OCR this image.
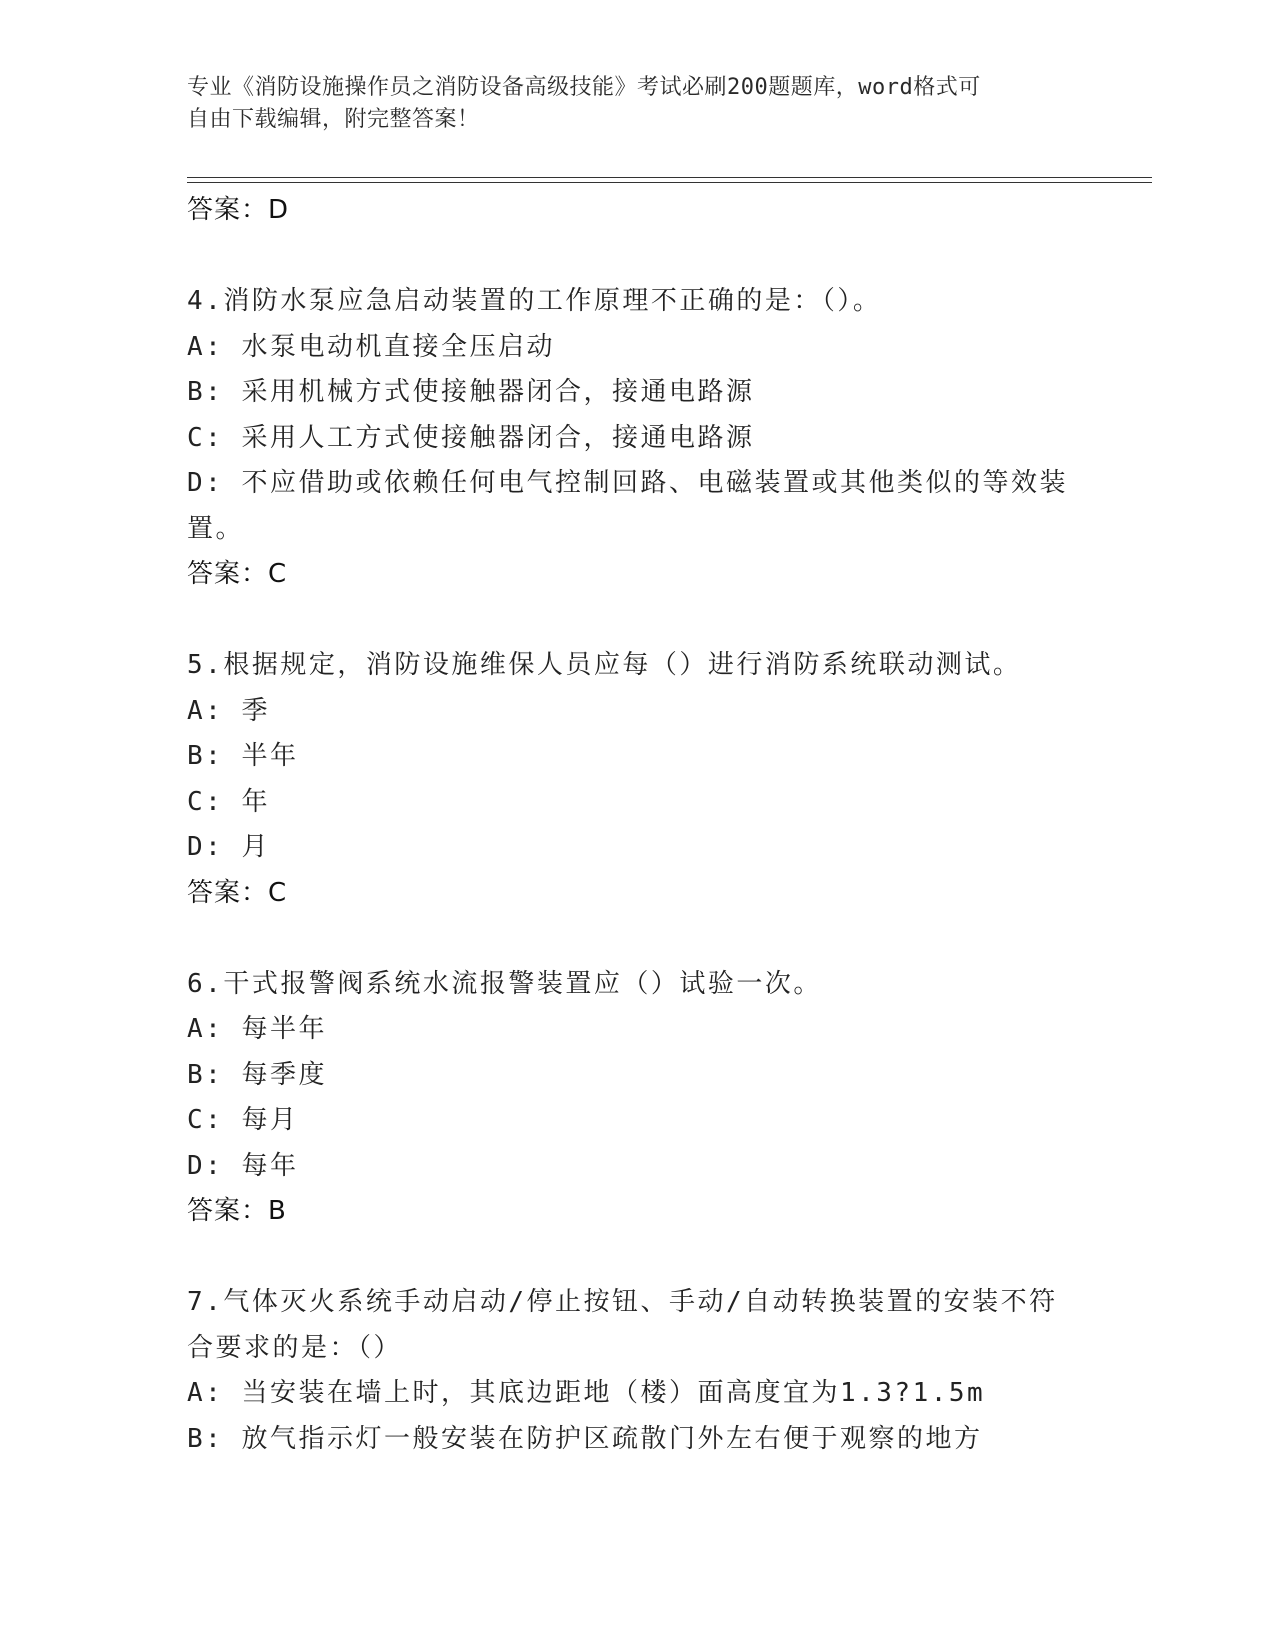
专业《消防设施操作员之消防设备高级技能》考试必刷200题题库，word格式可
自由下载编辑，附完整答案！
答案：D
4.消防水泵应急启动装置的工作原理不正确的是：（）。
A: 水泵电动机直接全压启动
B: 采用机械方式使接触器闭合，接通电路源
C: 采用人工方式使接触器闭合，接通电路源
D: 不应借助或依赖任何电气控制回路、电磁装置或其他类似的等效装
置。
答案：C
5.根据规定，消防设施维保人员应每（）进行消防系统联动测试。
A: 季
B: 半年
C: 年
D: 月
答案：C
6.干式报警阀系统水流报警装置应（）试验一次。
A: 每半年
B: 每季度
C: 每月
D: 每年
答案：B
7.气体灭火系统手动启动/停止按钮、手动/自动转换装置的安装不符
合要求的是：（）
A: 当安装在墙上时，其底边距地（楼）面高度宜为1.3?1.5m
B: 放气指示灯一般安装在防护区疏散门外左右便于观察的地方
